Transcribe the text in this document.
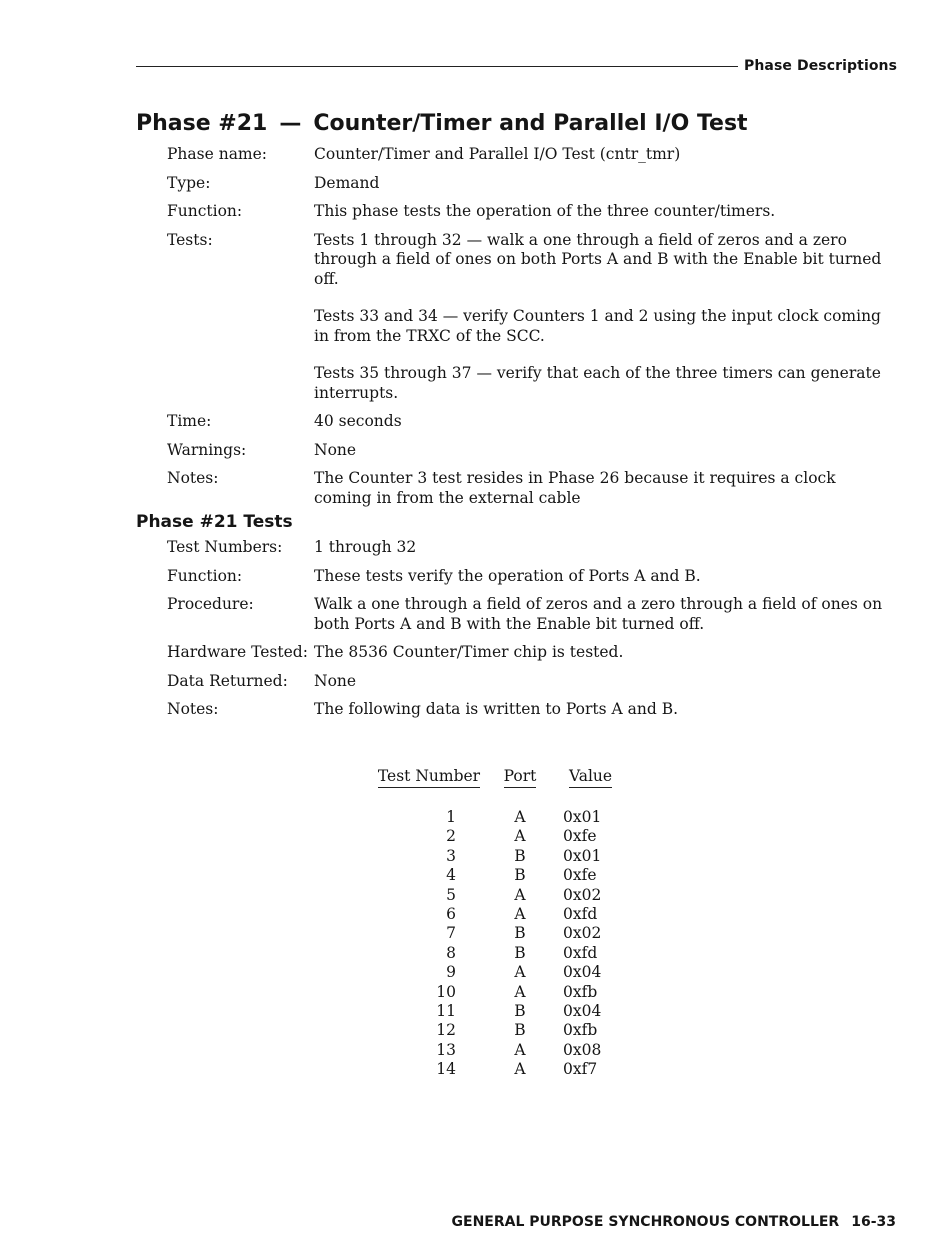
Phase Descriptions
Phase #21 — Counter/Timer and Parallel I/O Test
Phase name:	Counter/Timer and Parallel I/O Test (cntr_tmr)

Type:	Demand

Function:	This phase tests the operation of the three counter/timers.

Tests:	Tests 1 through 32 — walk a one through a field of zeros and a zero through a field of ones on both Ports A and B with the Enable bit turned off.

Tests 33 and 34 — verify Counters 1 and 2 using the input clock coming in from the TRXC of the SCC.

Tests 35 through 37 — verify that each of the three timers can generate interrupts.

Time:	40 seconds

Warnings:	None

Notes:	The Counter 3 test resides in Phase 26 because it requires a clock coming in from the external cable

Phase #21 Tests
Test Numbers: 1 through 32

Function:	These tests verify the operation of Ports A and B.

Procedure:	Walk a one through a field of zeros and a zero through a field of ones on both Ports A and B with the Enable bit turned off.

Hardware Tested: The 8536 Counter/Timer chip is tested.

Data Returned: None

Notes:	The following data is written to Ports A and B.

Test Number	Port	Value

1	A	0x01
2	A	0xfe
3	B	0x01
4	B	0xfe
5	A	0x02
6	A	0xfd
7	B	0x02
8	B	0xfd
9	A	0x04
10	A	0xfb
11	B	0x04
12	B	0xfb
13	A	0x08
14	A	0xf7
GENERAL PURPOSE SYNCHRONOUS CONTROLLER 16-33
